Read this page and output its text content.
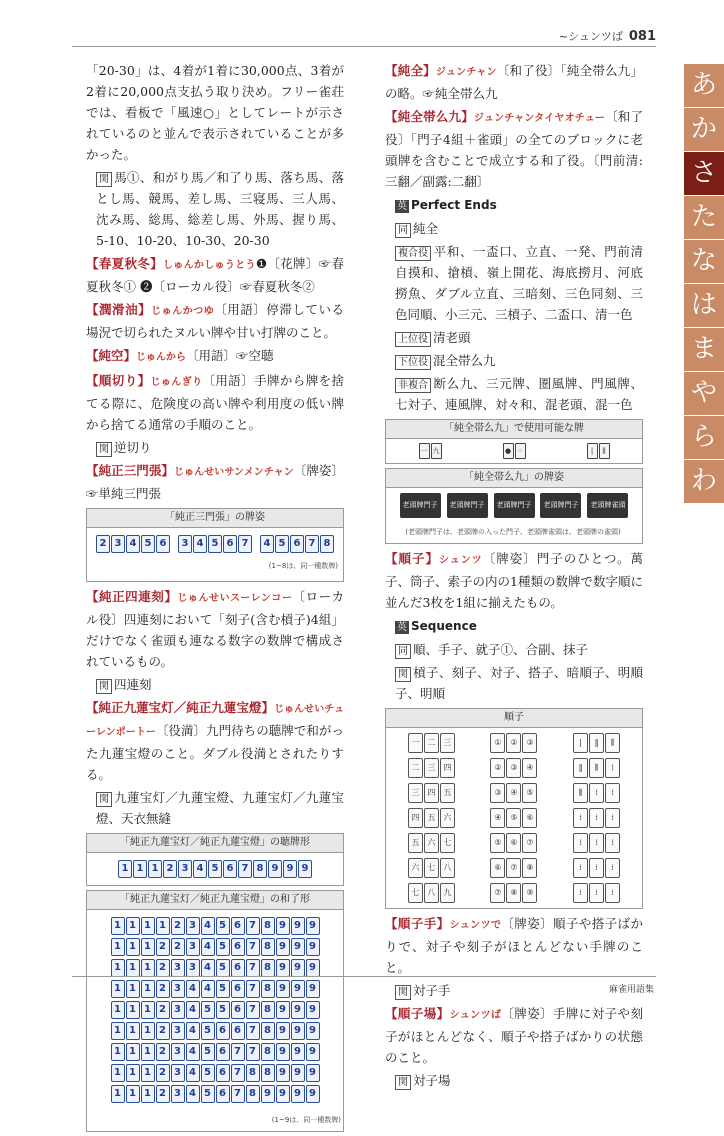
~シュンツば 081
あ
か
さ
た
な
は
ま
や
ら
わ

「20-30」は、4着が1着に30,000点、3着が2着に20,000点支払う取り決め。フリー雀荘では、看板で「風速○」としてレートが示されているのと並んで表示されていることが多かった。

関 馬①、和がり馬／和了り馬、落ち馬、落とし馬、競馬、差し馬、三寝馬、三人馬、沈み馬、総馬、総差し馬、外馬、握り馬、5-10、10-20、10-30、20-30

【春夏秋冬】しゅんかしゅうとう❶〔花牌〕☞春夏秋冬① ❷〔ローカル役〕☞春夏秋冬②

【潤滑油】じゅんかつゆ〔用語〕停滞している場況で切られたヌルい牌や甘い打牌のこと。

【純空】じゅんから〔用語〕☞空聴

【順切り】じゅんぎり〔用語〕手牌から牌を捨てる際に、危険度の高い牌や利用度の低い牌から捨てる通常の手順のこと。

関 逆切り

【純正三門張】じゅんせいサンメンチャン〔牌姿〕☞単純三門張

「純正三門張」の牌姿
2 3 4 5 6	3 4 5 6 7	4 5 6 7 8
(1~8は、同一種数牌)

【純正四連刻】じゅんせいスーレンコー〔ローカル役〕四連刻において「刻子(含む槓子)4組」だけでなく雀頭も連なる数字の数牌で構成されているもの。

関 四連刻

【純正九蓮宝灯／純正九蓮宝燈】じゅんせいチューレンポートー〔役満〕九門待ちの聴牌で和がった九蓮宝燈のこと。ダブル役満とされたりする。

関 九蓮宝灯／九蓮宝燈、九蓮宝灯／九蓮宝燈、天衣無縫

「純正九蓮宝灯／純正九蓮宝燈」の聴牌形
1 1 1 2 3 4 5 6 7 8 9 9 9
「純正九蓮宝灯／純正九蓮宝燈」の和了形
1 1 1 1 2 3 4 5 6 7 8 9 9 9
1 1 1 2 2 3 4 5 6 7 8 9 9 9
1 1 1 2 3 3 4 5 6 7 8 9 9 9
1 1 1 2 3 4 4 5 6 7 8 9 9 9
1 1 1 2 3 4 5 5 6 7 8 9 9 9
1 1 1 2 3 4 5 6 6 7 8 9 9 9
1 1 1 2 3 4 5 6 7 7 8 9 9 9
1 1 1 2 3 4 5 6 7 8 8 9 9 9
1 1 1 2 3 4 5 6 7 8 9 9 9 9
(1~9は、同一種数牌)

【純全】ジュンチャン〔和了役〕「純全帯么九」の略。☞純全帯么九

【純全帯么九】ジュンチャンタイヤオチュー〔和了役〕「門子4組＋雀頭」の全てのブロックに老頭牌を含むことで成立する和了役。〔門前清:三翻／副露:二翻〕

英 Perfect Ends

同 純全

複合役 平和、一盃口、立直、一発、門前清自摸和、搶槓、嶺上開花、海底撈月、河底撈魚、ダブル立直、三暗刻、三色同刻、三色同順、小三元、三槓子、二盃口、清一色

上位役 清老頭

下位役 混全帯么九

非複合 断么九、三元牌、圏風牌、門風牌、七対子、連風牌、対々和、混老頭、混一色

「純全帯么九」で使用可能な牌
一 九	● ⁘	|	⫼
「純全帯么九」の牌姿
老頭牌門子 老頭牌門子 老頭牌門子 老頭牌門子 老頭牌雀頭
(老頭牌門子は、老頭牌の入った門子、老頭牌雀頭は、老頭牌の雀頭)

【順子】シュンツ〔牌姿〕門子のひとつ。萬子、筒子、索子の内の1種類の数牌で数字順に並んだ3枚を1組に揃えたもの。

英 Sequence

同 順、手子、就子①、合副、抹子

関 槓子、刻子、対子、搭子、暗順子、明順子、明順

順子
一	二	三	①	②	③	|	‖	⫼
二	三	四	②	③	④	‖	⫼	⁞
三	四	五	③	④	⑤	⫼	⁞	⁞
四	五	六	④	⑤	⑥	⁞	⁞	⁞
五	六	七	⑤	⑥	⑦	⁞	⁞	⁞
六	七	八	⑥	⑦	⑧	⁞	⁞	⁞
七	八	九	⑦	⑧	⑨	⁞	⁞	⁞

【順子手】シュンツで〔牌姿〕順子や搭子ばかりで、対子や刻子がほとんどない手牌のこと。

関 対子手

【順子場】シュンツば〔牌姿〕手牌に対子や刻子がほとんどなく、順子や搭子ばかりの状態のこと。

関 対子場

麻雀用語集
